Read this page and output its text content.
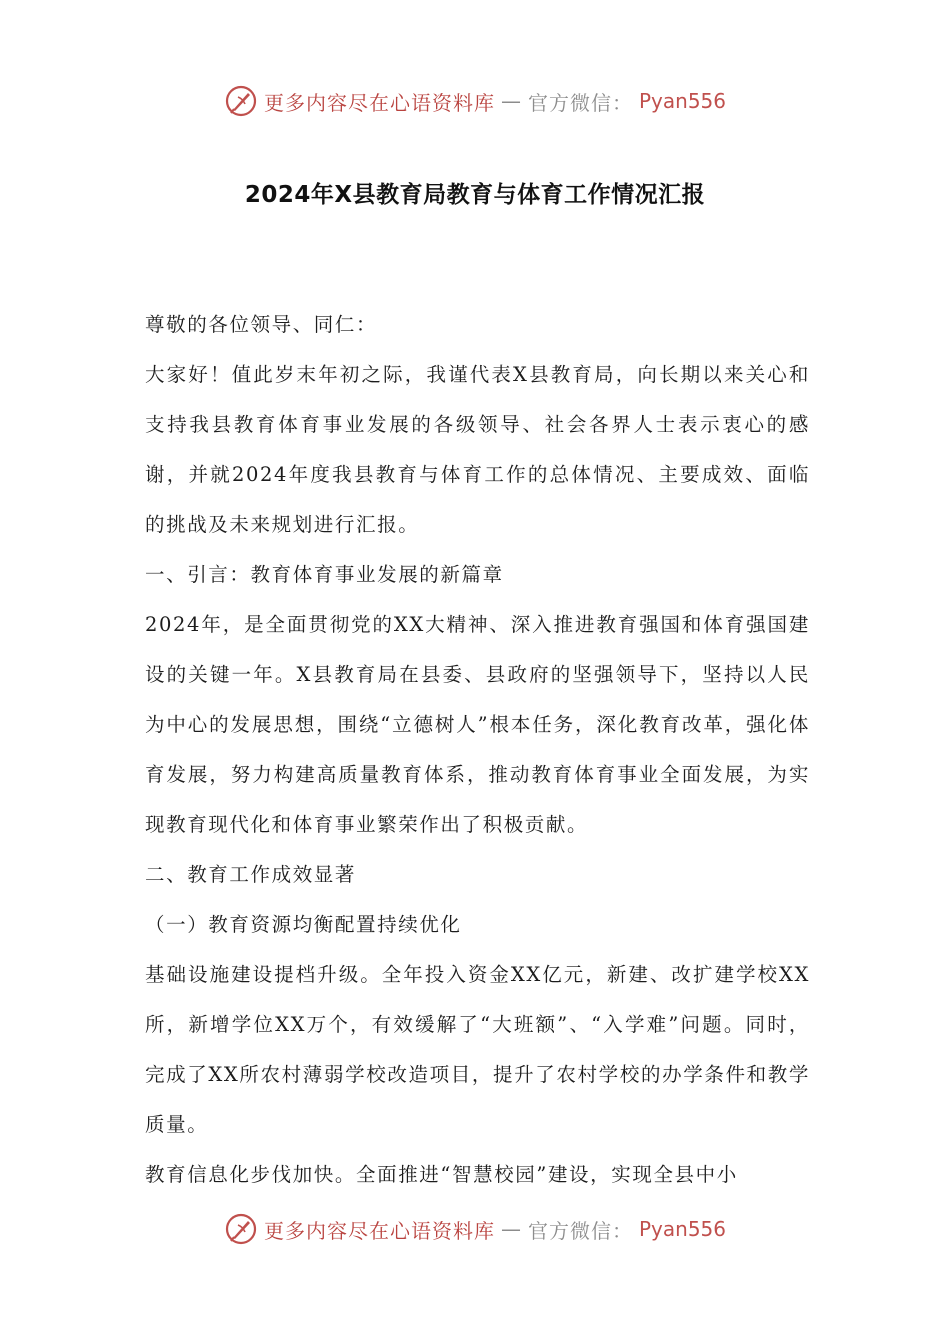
更多内容尽在心语资料库 — 官方微信： Pyan556
2024年X县教育局教育与体育工作情况汇报

尊敬的各位领导、同仁：

大家好！值此岁末年初之际，我谨代表X县教育局，向长期以来关心和支持我县教育体育事业发展的各级领导、社会各界人士表示衷心的感谢，并就2024年度我县教育与体育工作的总体情况、主要成效、面临的挑战及未来规划进行汇报。

一、引言：教育体育事业发展的新篇章

2024年，是全面贯彻党的XX大精神、深入推进教育强国和体育强国建设的关键一年。X县教育局在县委、县政府的坚强领导下，坚持以人民为中心的发展思想，围绕“立德树人”根本任务，深化教育改革，强化体育发展，努力构建高质量教育体系，推动教育体育事业全面发展，为实现教育现代化和体育事业繁荣作出了积极贡献。

二、教育工作成效显著

（一）教育资源均衡配置持续优化

基础设施建设提档升级。全年投入资金XX亿元，新建、改扩建学校XX所，新增学位XX万个，有效缓解了“大班额”、“入学难”问题。同时，完成了XX所农村薄弱学校改造项目，提升了农村学校的办学条件和教学质量。

教育信息化步伐加快。全面推进“智慧校园”建设，实现全县中小

更多内容尽在心语资料库 — 官方微信： Pyan556
